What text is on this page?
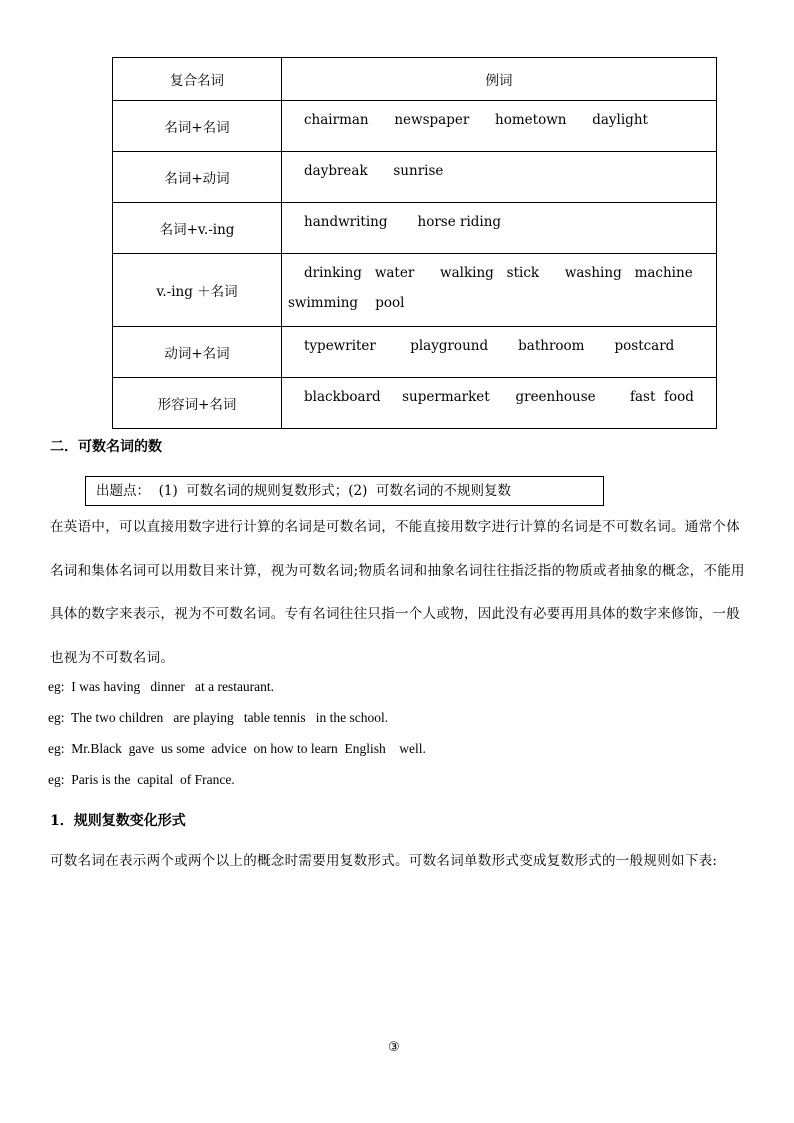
复合名词	例词
名词+名词	chairman      newspaper      hometown      daylight

名词+动词	daybreak      sunrise

名词+v.-ing	handwriting       horse riding

v.-ing ＋名词	drinking   water      walking   stick      washing   machine
swimming    pool

动词+名词	typewriter        playground       bathroom       postcard

形容词+名词	blackboard     supermarket      greenhouse        fast  food
二．可数名词的数
出题点：  (1)  可数名词的规则复数形式；(2)  可数名词的不规则复数
在英语中，可以直接用数字进行计算的名词是可数名词，不能直接用数字进行计算的名词是不可数名词。通常个体名词和集体名词可以用数目来计算，视为可数名词;物质名词和抽象名词往往指泛指的物质或者抽象的概念，不能用具体的数字来表示，视为不可数名词。专有名词往往只指一个人或物，因此没有必要再用具体的数字来修饰，一般也视为不可数名词。
eg:  I was having   dinner   at a restaurant.
eg:  The two children   are playing   table tennis   in the school.
eg:  Mr.Black  gave  us some  advice  on how to learn  English    well.
eg:  Paris is the  capital  of France.
1．规则复数变化形式
可数名词在表示两个或两个以上的概念时需要用复数形式。可数名词单数形式变成复数形式的一般规则如下表:
③
